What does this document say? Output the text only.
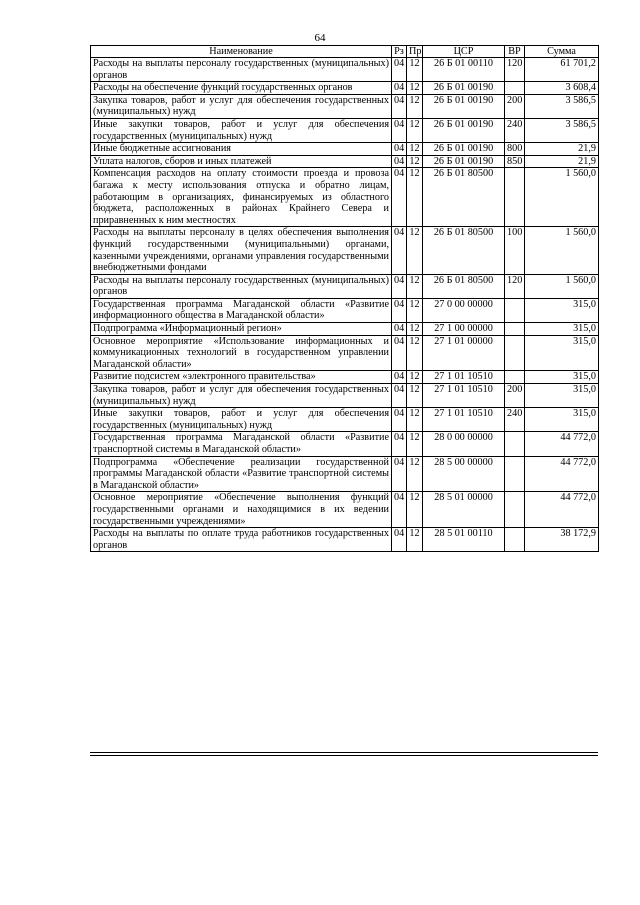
64
Наименование	Рз	Пр	ЦСР	ВР	Сумма
Расходы на выплаты персоналу государственных (муниципальных) органов	04	12	26 Б 01 00110	120	61 701,2
Расходы на обеспечение функций государственных органов	04	12	26 Б 01 00190		3 608,4
Закупка товаров, работ и услуг для обеспечения государственных (муниципальных) нужд	04	12	26 Б 01 00190	200	3 586,5
Иные закупки товаров, работ и услуг для обеспечения государственных (муниципальных) нужд	04	12	26 Б 01 00190	240	3 586,5
Иные бюджетные ассигнования	04	12	26 Б 01 00190	800	21,9
Уплата налогов, сборов и иных платежей	04	12	26 Б 01 00190	850	21,9
Компенсация расходов на оплату стоимости проезда и провоза багажа к месту использования отпуска и обратно лицам, работающим в организациях, финансируемых из областного бюджета, расположенных в районах Крайнего Севера и приравненных к ним местностях	04	12	26 Б 01 80500		1 560,0
Расходы на выплаты персоналу в целях обеспечения выполнения функций государственными (муниципальными) органами, казенными учреждениями, органами управления государственными внебюджетными фондами	04	12	26 Б 01 80500	100	1 560,0
Расходы на выплаты персоналу государственных (муниципальных) органов	04	12	26 Б 01 80500	120	1 560,0
Государственная программа Магаданской области «Развитие информационного общества в Магаданской области»	04	12	27 0 00 00000		315,0
Подпрограмма «Информационный регион»	04	12	27 1 00 00000		315,0
Основное мероприятие «Использование информационных и коммуникационных технологий в государственном управлении Магаданской области»	04	12	27 1 01 00000		315,0
Развитие подсистем «электронного правительства»	04	12	27 1 01 10510		315,0
Закупка товаров, работ и услуг для обеспечения государственных (муниципальных) нужд	04	12	27 1 01 10510	200	315,0
Иные закупки товаров, работ и услуг для обеспечения государственных (муниципальных) нужд	04	12	27 1 01 10510	240	315,0
Государственная программа Магаданской области «Развитие транспортной системы в Магаданской области»	04	12	28 0 00 00000		44 772,0
Подпрограмма «Обеспечение реализации государственной программы Магаданской области «Развитие транспортной системы в Магаданской области»	04	12	28 5 00 00000		44 772,0
Основное мероприятие «Обеспечение выполнения функций государственными органами и находящимися в их ведении государственными учреждениями»	04	12	28 5 01 00000		44 772,0
Расходы на выплаты по оплате труда работников государственных органов	04	12	28 5 01 00110		38 172,9
